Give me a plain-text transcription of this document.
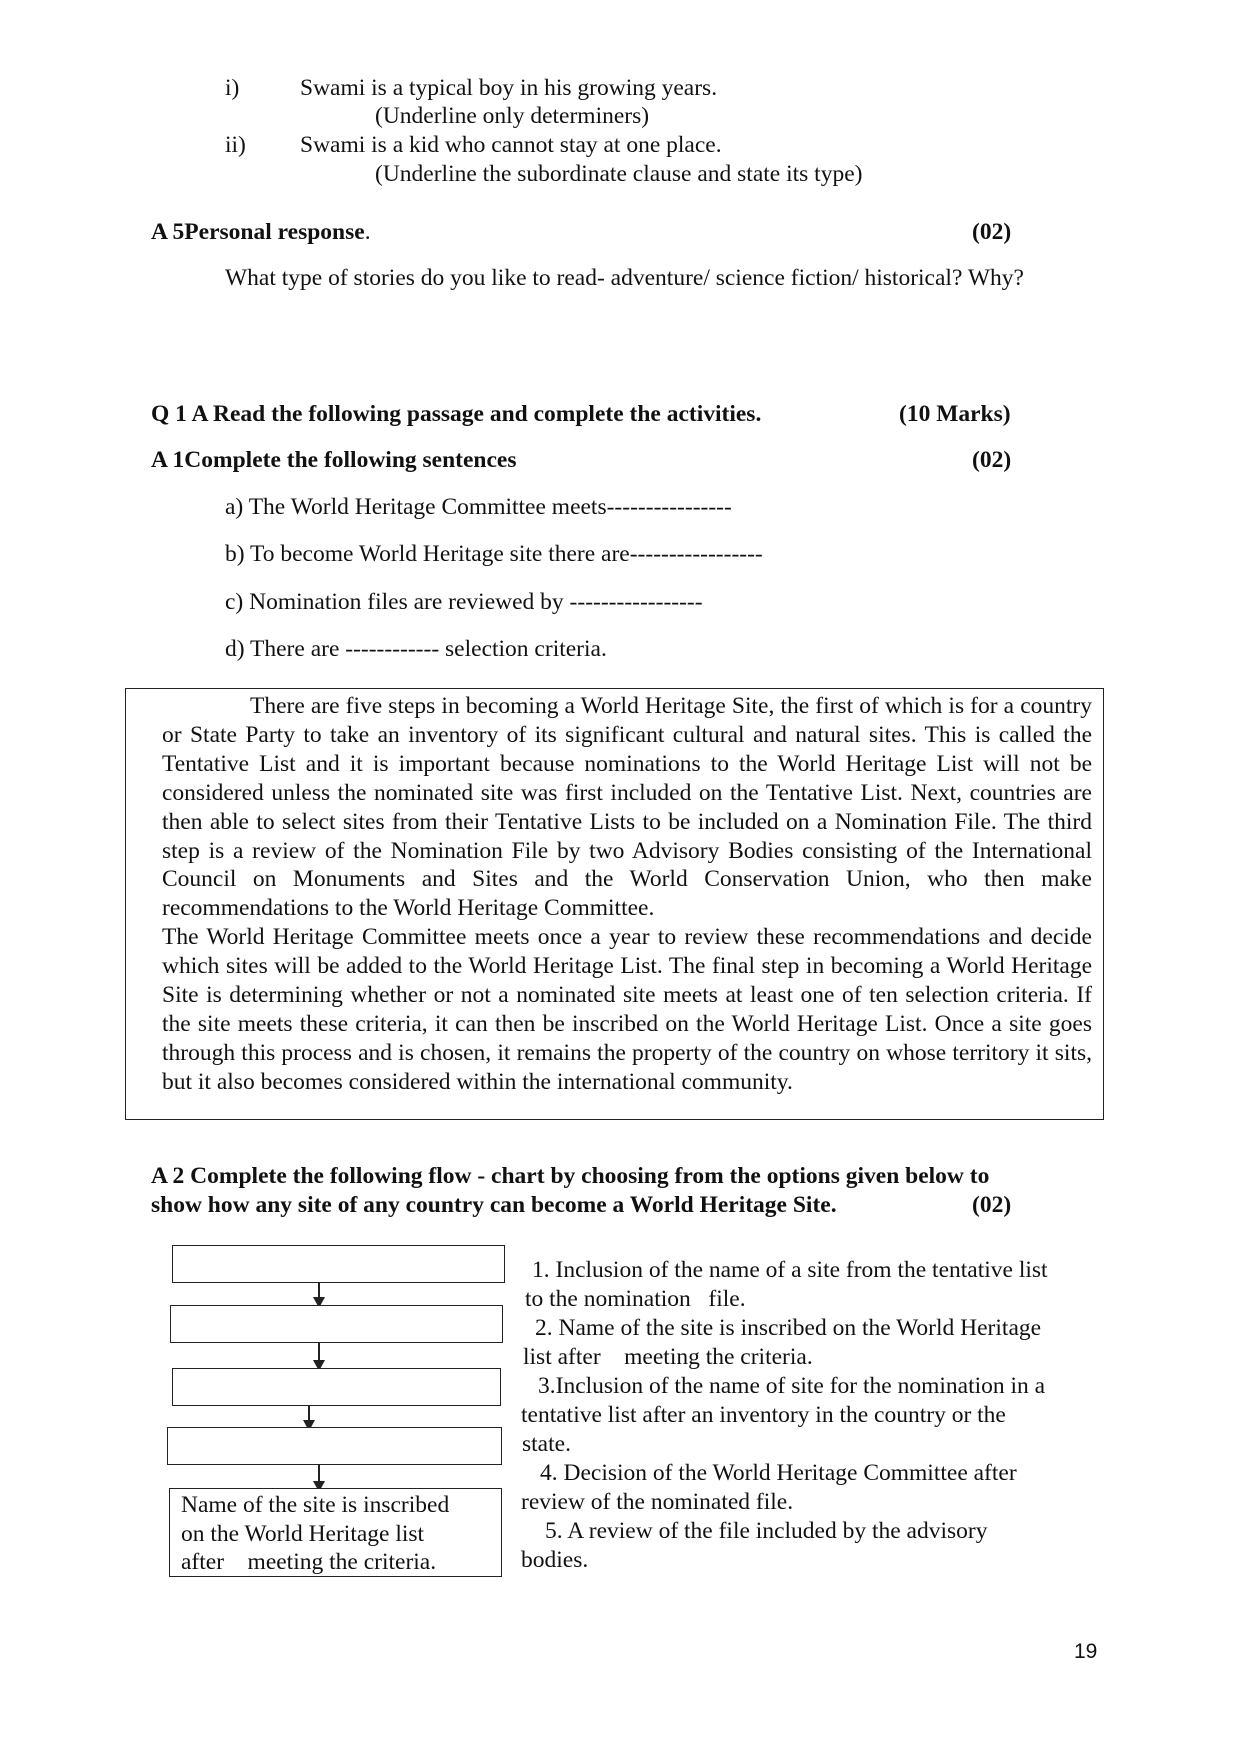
i)	Swami is a typical boy in his growing years.
(Underline only determiners)
ii) Swami is a kid who cannot stay at one place.
(Underline the subordinate clause and state its type)
A 5Personal response.	(02)
What type of stories do you like to read- adventure/ science fiction/ historical? Why?
Q 1 A Read the following passage and complete the activities.	(10 Marks)
A 1Complete the following sentences	(02)
a) The World Heritage Committee meets----------------
b) To become World Heritage site there are-----------------
c) Nomination files are reviewed by -----------------
d) There are ------------ selection criteria.

There are five steps in becoming a World Heritage Site, the first of which is for a country or State Party to take an inventory of its significant cultural and natural sites. This is called the Tentative List and it is important because nominations to the World Heritage List will not be considered unless the nominated site was first included on the Tentative List. Next, countries are then able to select sites from their Tentative Lists to be included on a Nomination File. The third step is a review of the Nomination File by two Advisory Bodies consisting of the International Council on Monuments and Sites and the World Conservation Union, who then make recommendations to the World Heritage Committee.

The World Heritage Committee meets once a year to review these recommendations and decide which sites will be added to the World Heritage List. The final step in becoming a World Heritage Site is determining whether or not a nominated site meets at least one of ten selection criteria. If the site meets these criteria, it can then be inscribed on the World Heritage List. Once a site goes through this process and is chosen, it remains the property of the country on whose territory it sits, but it also becomes considered within the international community.

A 2 Complete the following flow - chart by choosing from the options given below to
show how any site of any country can become a World Heritage Site.	(02)
Name of the site is inscribed
on the World Heritage list
after    meeting the criteria.
1. Inclusion of the name of a site from the tentative list
to the nomination   file.
2. Name of the site is inscribed on the World Heritage
list after    meeting the criteria.
3.Inclusion of the name of site for the nomination in a
tentative list after an inventory in the country or the
state.
4. Decision of the World Heritage Committee after
review of the nominated file.
5. A review of the file included by the advisory
bodies.
19
